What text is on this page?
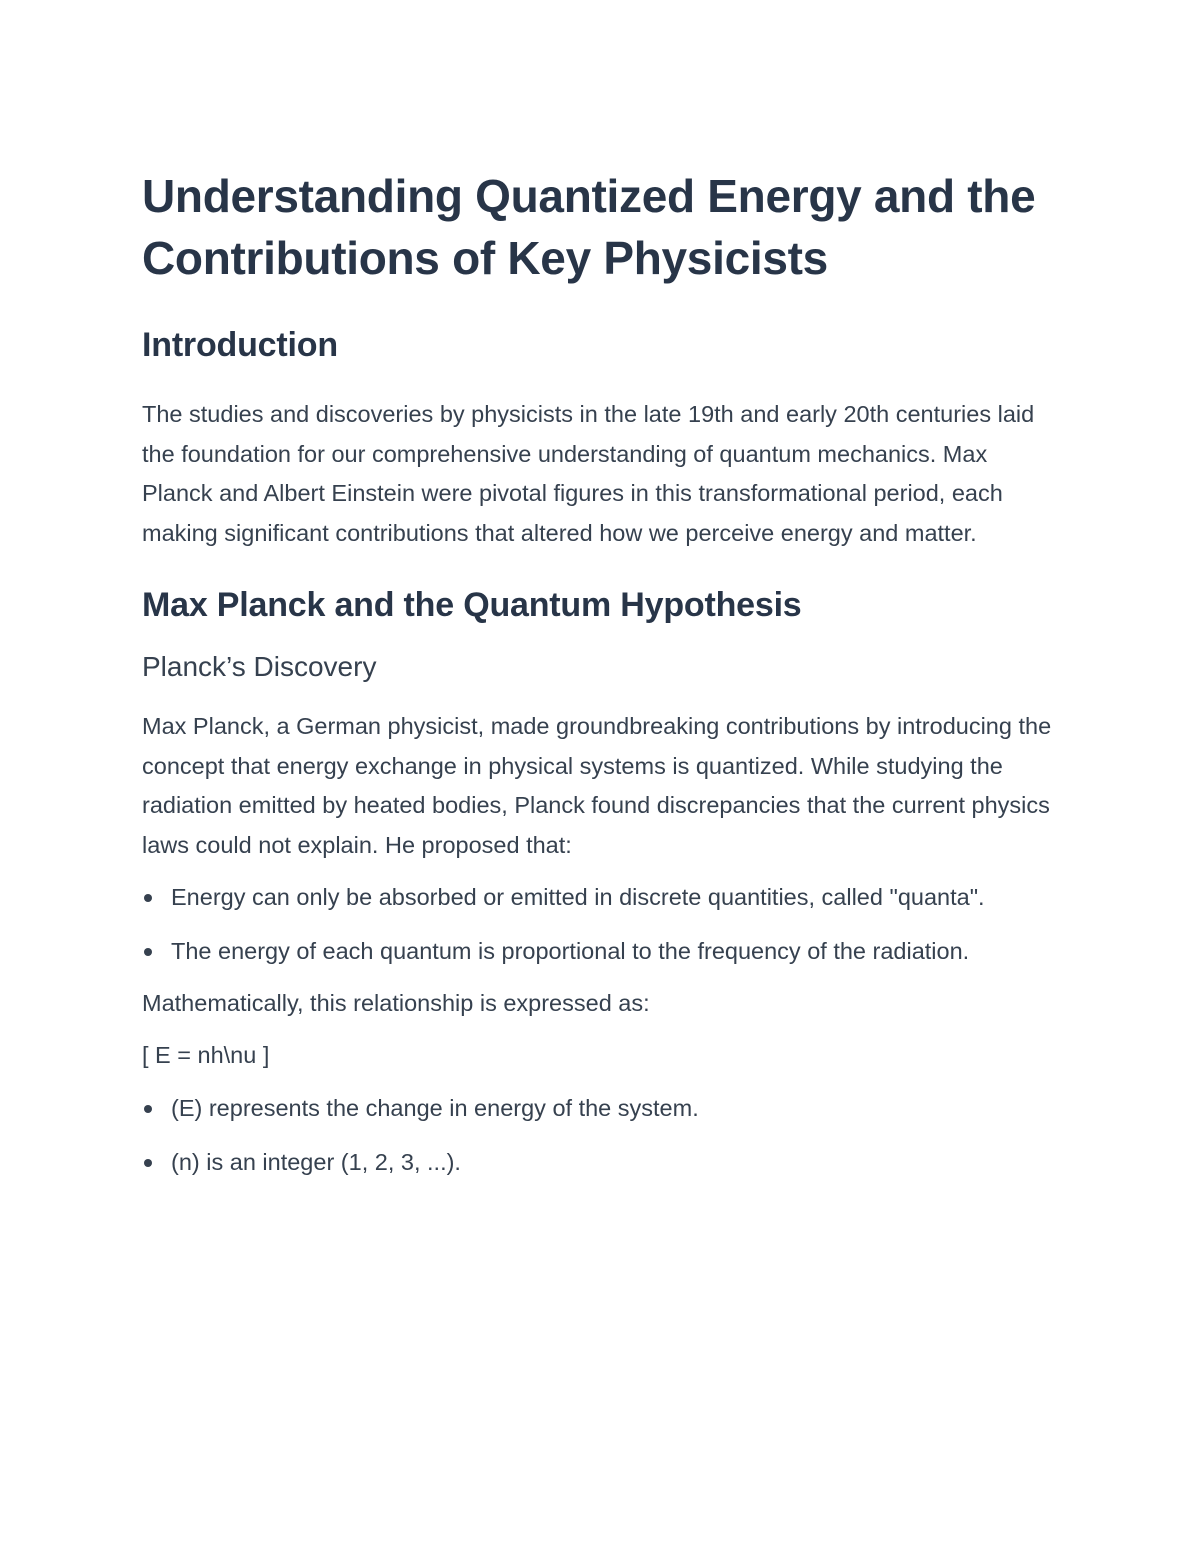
Understanding Quantized Energy and the Contributions of Key Physicists
Introduction

The studies and discoveries by physicists in the late 19th and early 20th centuries laid the foundation for our comprehensive understanding of quantum mechanics. Max Planck and Albert Einstein were pivotal figures in this transformational period, each making significant contributions that altered how we perceive energy and matter.

Max Planck and the Quantum Hypothesis
Planck’s Discovery

Max Planck, a German physicist, made groundbreaking contributions by introducing the concept that energy exchange in physical systems is quantized. While studying the radiation emitted by heated bodies, Planck found discrepancies that the current physics laws could not explain. He proposed that:

Energy can only be absorbed or emitted in discrete quantities, called "quanta".
The energy of each quantum is proportional to the frequency of the radiation.

Mathematically, this relationship is expressed as:

[ E = nh\nu ]

(E) represents the change in energy of the system.
(n) is an integer (1, 2, 3, ...).
